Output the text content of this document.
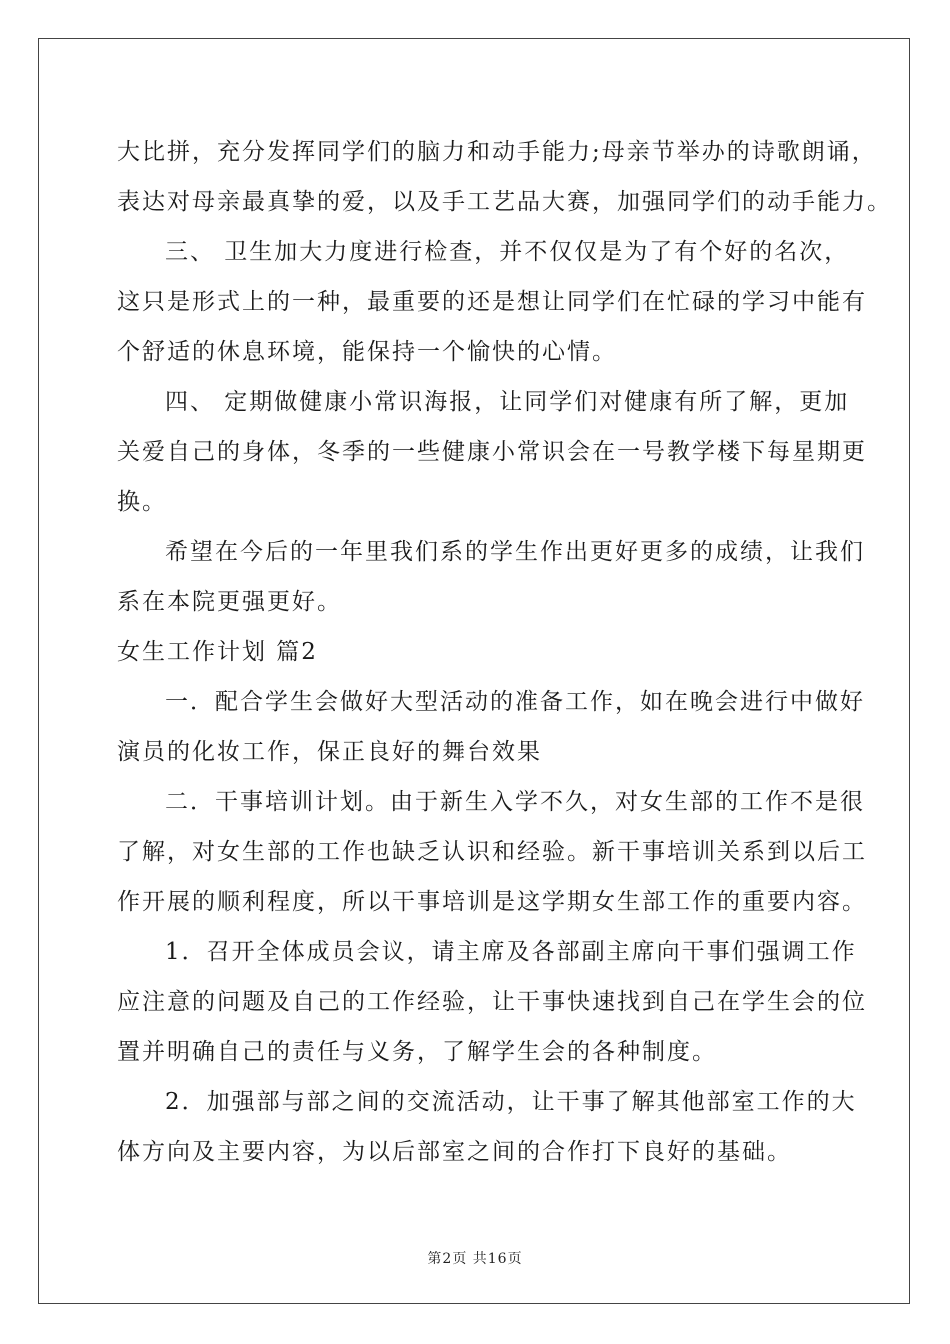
大比拼，充分发挥同学们的脑力和动手能力;母亲节举办的诗歌朗诵，

表达对母亲最真挚的爱，以及手工艺品大赛，加强同学们的动手能力。

三、 卫生加大力度进行检查，并不仅仅是为了有个好的名次，

这只是形式上的一种，最重要的还是想让同学们在忙碌的学习中能有

个舒适的休息环境，能保持一个愉快的心情。

四、 定期做健康小常识海报，让同学们对健康有所了解，更加

关爱自己的身体，冬季的一些健康小常识会在一号教学楼下每星期更

换。

希望在今后的一年里我们系的学生作出更好更多的成绩，让我们

系在本院更强更好。

女生工作计划 篇2

一．配合学生会做好大型活动的准备工作，如在晚会进行中做好

演员的化妆工作，保正良好的舞台效果

二．干事培训计划。由于新生入学不久，对女生部的工作不是很

了解，对女生部的工作也缺乏认识和经验。新干事培训关系到以后工

作开展的顺利程度，所以干事培训是这学期女生部工作的重要内容。

1．召开全体成员会议，请主席及各部副主席向干事们强调工作

应注意的问题及自己的工作经验，让干事快速找到自己在学生会的位

置并明确自己的责任与义务，了解学生会的各种制度。

2．加强部与部之间的交流活动，让干事了解其他部室工作的大

体方向及主要内容，为以后部室之间的合作打下良好的基础。

第2页 共16页
